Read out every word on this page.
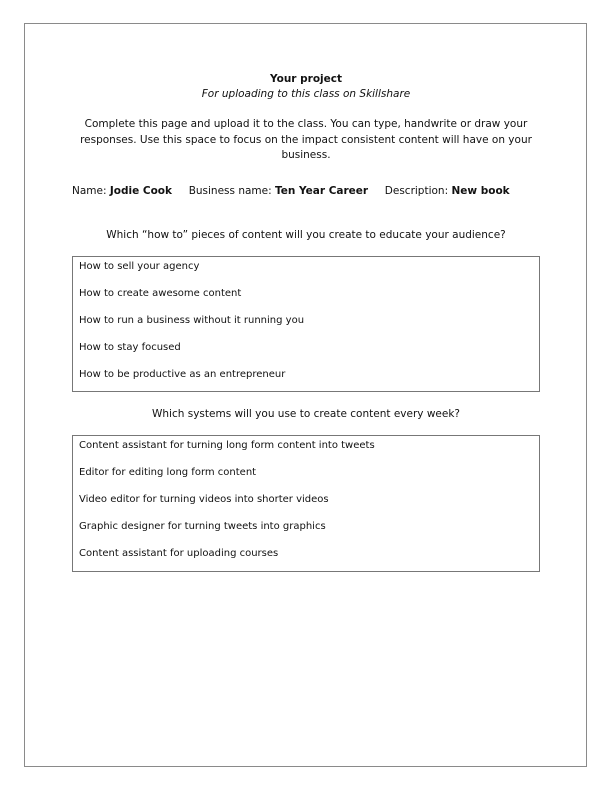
Your project
For uploading to this class on Skillshare
Complete this page and upload it to the class. You can type, handwrite or draw your responses. Use this space to focus on the impact consistent content will have on your business.
Name: Jodie Cook Business name: Ten Year Career Description: New book
Which “how to” pieces of content will you create to educate your audience?
How to sell your agency
How to create awesome content
How to run a business without it running you
How to stay focused
How to be productive as an entrepreneur
Which systems will you use to create content every week?
Content assistant for turning long form content into tweets
Editor for editing long form content
Video editor for turning videos into shorter videos
Graphic designer for turning tweets into graphics
Content assistant for uploading courses
